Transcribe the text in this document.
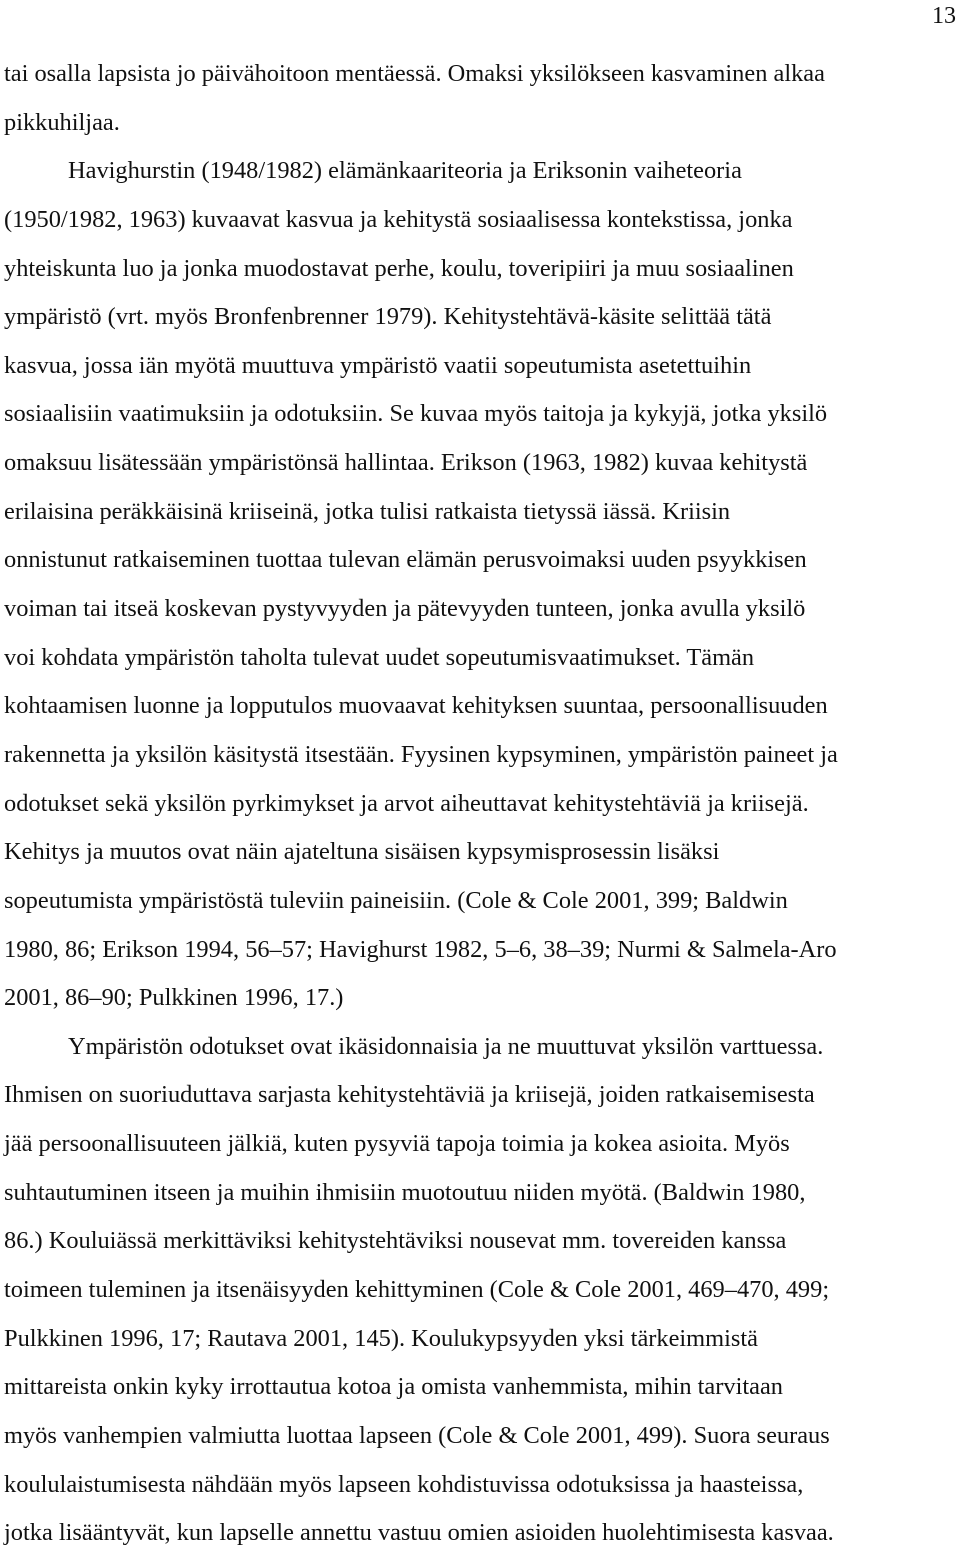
13
tai osalla lapsista jo päivähoitoon mentäessä. Omaksi yksilökseen kasvaminen alkaa
pikkuhiljaa.
Havighurstin (1948/1982) elämänkaariteoria ja Eriksonin vaiheteoria
(1950/1982, 1963) kuvaavat kasvua ja kehitystä sosiaalisessa kontekstissa, jonka
yhteiskunta luo ja jonka muodostavat perhe, koulu, toveripiiri ja muu sosiaalinen
ympäristö (vrt. myös Bronfenbrenner 1979). Kehitystehtävä-käsite selittää tätä
kasvua, jossa iän myötä muuttuva ympäristö vaatii sopeutumista asetettuihin
sosiaalisiin vaatimuksiin ja odotuksiin. Se kuvaa myös taitoja ja kykyjä, jotka yksilö
omaksuu lisätessään ympäristönsä hallintaa. Erikson (1963, 1982) kuvaa kehitystä
erilaisina peräkkäisinä kriiseinä, jotka tulisi ratkaista tietyssä iässä. Kriisin
onnistunut ratkaiseminen tuottaa tulevan elämän perusvoimaksi uuden psyykkisen
voiman tai itseä koskevan pystyvyyden ja pätevyyden tunteen, jonka avulla yksilö
voi kohdata ympäristön taholta tulevat uudet sopeutumisvaatimukset. Tämän
kohtaamisen luonne ja lopputulos muovaavat kehityksen suuntaa, persoonallisuuden
rakennetta ja yksilön käsitystä itsestään. Fyysinen kypsyminen, ympäristön paineet ja
odotukset sekä yksilön pyrkimykset ja arvot aiheuttavat kehitystehtäviä ja kriisejä.
Kehitys ja muutos ovat näin ajateltuna sisäisen kypsymisprosessin lisäksi
sopeutumista ympäristöstä tuleviin paineisiin. (Cole & Cole 2001, 399; Baldwin
1980, 86; Erikson 1994, 56–57; Havighurst 1982, 5–6, 38–39; Nurmi & Salmela-Aro
2001, 86–90; Pulkkinen 1996, 17.)
Ympäristön odotukset ovat ikäsidonnaisia ja ne muuttuvat yksilön varttuessa.
Ihmisen on suoriuduttava sarjasta kehitystehtäviä ja kriisejä, joiden ratkaisemisesta
jää persoonallisuuteen jälkiä, kuten pysyviä tapoja toimia ja kokea asioita. Myös
suhtautuminen itseen ja muihin ihmisiin muotoutuu niiden myötä. (Baldwin 1980,
86.) Kouluiässä merkittäviksi kehitystehtäviksi nousevat mm. tovereiden kanssa
toimeen tuleminen ja itsenäisyyden kehittyminen (Cole & Cole 2001, 469–470, 499;
Pulkkinen 1996, 17; Rautava 2001, 145). Koulukypsyyden yksi tärkeimmistä
mittareista onkin kyky irrottautua kotoa ja omista vanhemmista, mihin tarvitaan
myös vanhempien valmiutta luottaa lapseen (Cole & Cole 2001, 499). Suora seuraus
koululaistumisesta nähdään myös lapseen kohdistuvissa odotuksissa ja haasteissa,
jotka lisääntyvät, kun lapselle annettu vastuu omien asioiden huolehtimisesta kasvaa.
